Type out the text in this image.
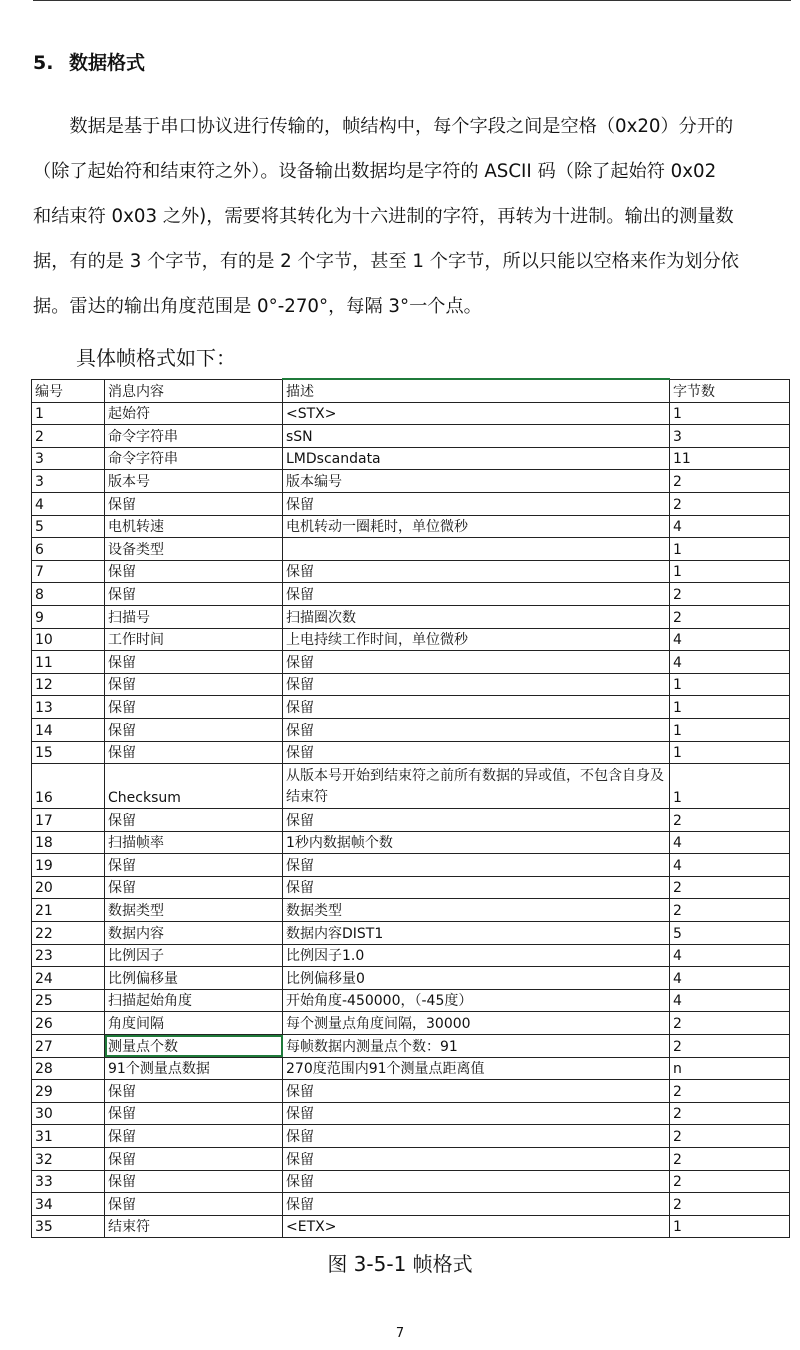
5. 数据格式
　　数据是基于串口协议进行传输的，帧结构中，每个字段之间是空格（0x20）分开的
（除了起始符和结束符之外）。设备输出数据均是字符的 ASCII 码（除了起始符 0x02
和结束符 0x03 之外)，需要将其转化为十六进制的字符，再转为十进制。输出的测量数
据，有的是 3 个字节，有的是 2 个字节，甚至 1 个字节，所以只能以空格来作为划分依
据。雷达的输出角度范围是 0°-270°，每隔 3°一个点。
具体帧格式如下：
编号	消息内容	描述	字节数
1	起始符	<STX>	1
2	命令字符串	sSN	3
3	命令字符串	LMDscandata	11
3	版本号	版本编号	2
4	保留	保留	2
5	电机转速	电机转动一圈耗时，单位微秒	4
6	设备类型		1
7	保留	保留	1
8	保留	保留	2
9	扫描号	扫描圈次数	2
10	工作时间	上电持续工作时间，单位微秒	4
11	保留	保留	4
12	保留	保留	1
13	保留	保留	1
14	保留	保留	1
15	保留	保留	1
16	Checksum	从版本号开始到结束符之前所有数据的异或值，不包含自身及结束符	1
17	保留	保留	2
18	扫描帧率	1秒内数据帧个数	4
19	保留	保留	4
20	保留	保留	2
21	数据类型	数据类型	2
22	数据内容	数据内容DIST1	5
23	比例因子	比例因子1.0	4
24	比例偏移量	比例偏移量0	4
25	扫描起始角度	开始角度-450000，（-45度）	4
26	角度间隔	每个测量点角度间隔，30000	2
27	测量点个数	每帧数据内测量点个数：91	2
28	91个测量点数据	270度范围内91个测量点距离值	n
29	保留	保留	2
30	保留	保留	2
31	保留	保留	2
32	保留	保留	2
33	保留	保留	2
34	保留	保留	2
35	结束符	<ETX>	1
图 3-5-1 帧格式
7
